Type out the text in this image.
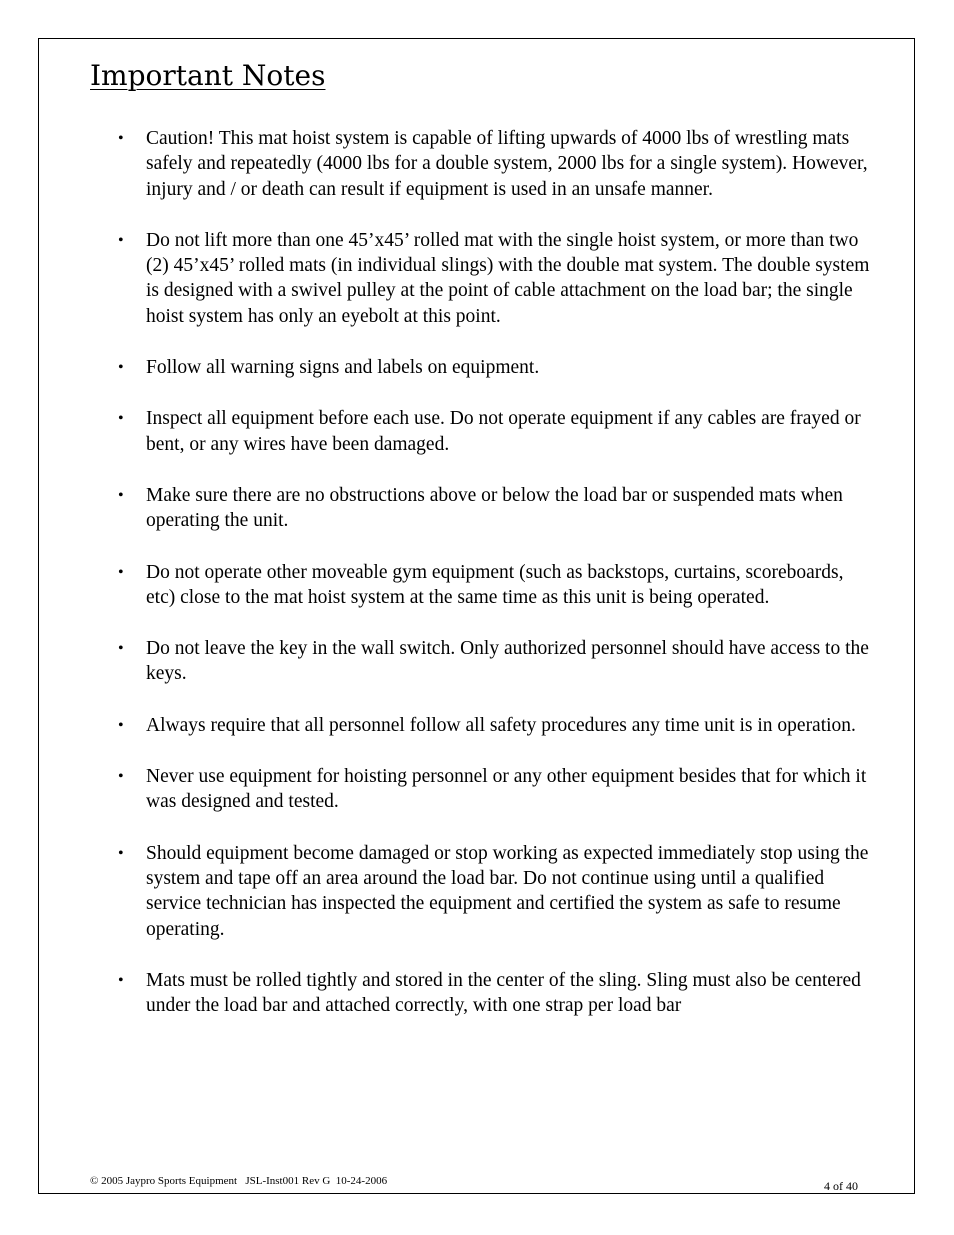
Important Notes
• Caution! This mat hoist system is capable of lifting upwards of 4000 lbs of wrestling mats safely and repeatedly (4000 lbs for a double system, 2000 lbs for a single system). However, injury and / or death can result if equipment is used in an unsafe manner.
• Do not lift more than one 45’x45’ rolled mat with the single hoist system, or more than two (2) 45’x45’ rolled mats (in individual slings) with the double mat system. The double system is designed with a swivel pulley at the point of cable attachment on the load bar; the single hoist system has only an eyebolt at this point.
• Follow all warning signs and labels on equipment.
• Inspect all equipment before each use. Do not operate equipment if any cables are frayed or bent, or any wires have been damaged.
• Make sure there are no obstructions above or below the load bar or suspended mats when operating the unit.
• Do not operate other moveable gym equipment (such as backstops, curtains, scoreboards, etc) close to the mat hoist system at the same time as this unit is being operated.
• Do not leave the key in the wall switch. Only authorized personnel should have access to the keys.
• Always require that all personnel follow all safety procedures any time unit is in operation.
• Never use equipment for hoisting personnel or any other equipment besides that for which it was designed and tested.
• Should equipment become damaged or stop working as expected immediately stop using the system and tape off an area around the load bar. Do not continue using until a qualified service technician has inspected the equipment and certified the system as safe to resume operating.
• Mats must be rolled tightly and stored in the center of the sling. Sling must also be centered under the load bar and attached correctly, with one strap per load bar
© 2005 Jaypro Sports Equipment   JSL-Inst001 Rev G  10-24-2006	4 of 40
